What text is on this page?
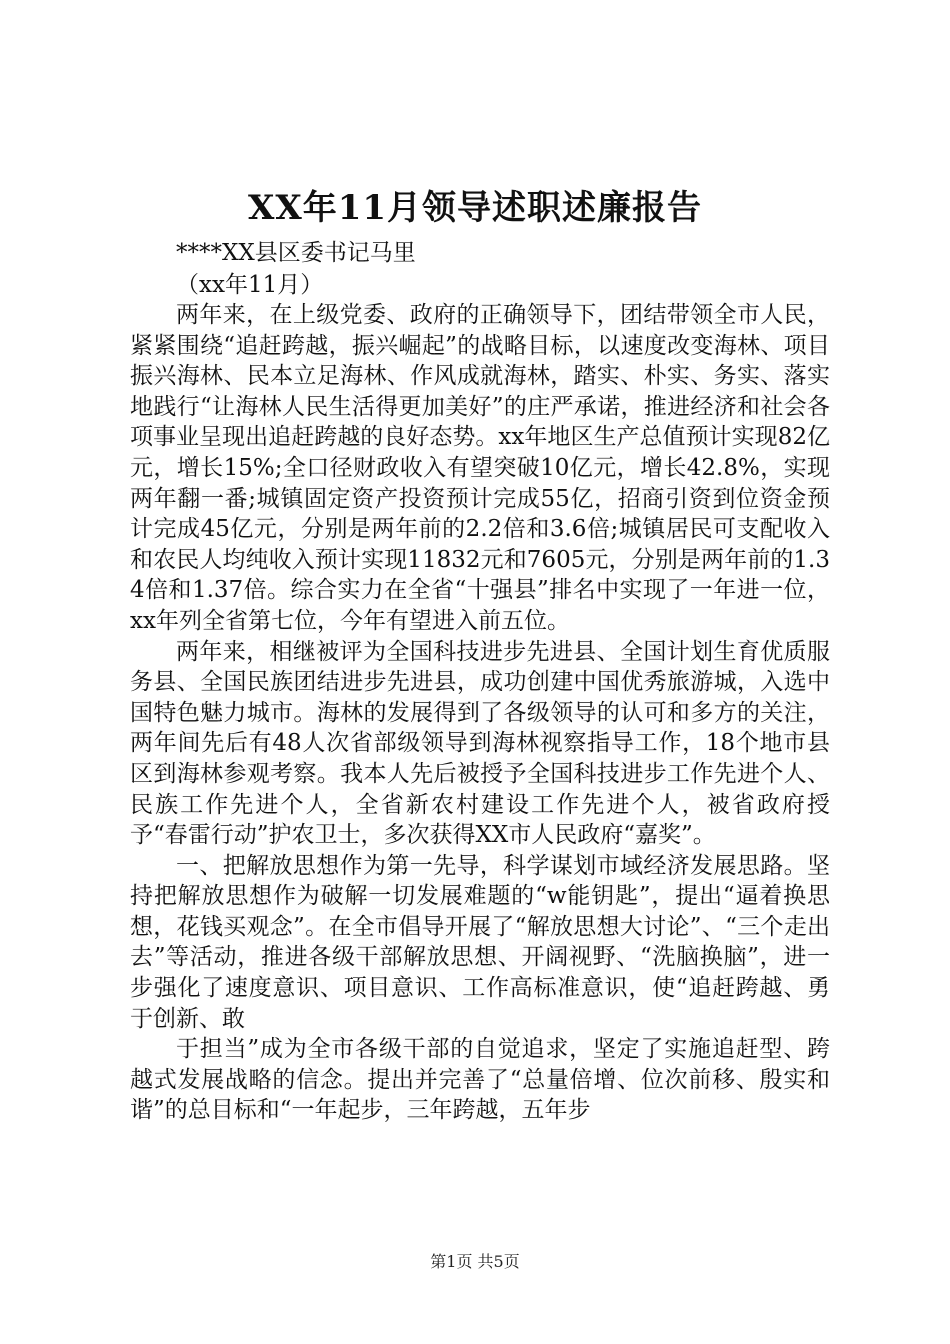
XX年11月领导述职述廉报告
****XX县区委书记马里
（xx年11月）

两年来，在上级党委、政府的正确领导下，团结带领全市人民，紧紧围绕“追赶跨越，振兴崛起”的战略目标，以速度改变海林、项目振兴海林、民本立足海林、作风成就海林，踏实、朴实、务实、落实地践行“让海林人民生活得更加美好”的庄严承诺，推进经济和社会各项事业呈现出追赶跨越的良好态势。xx年地区生产总值预计实现82亿元，增长15%;全口径财政收入有望突破10亿元，增长42.8%，实现两年翻一番;城镇固定资产投资预计完成55亿，招商引资到位资金预计完成45亿元，分别是两年前的2.2倍和3.6倍;城镇居民可支配收入和农民人均纯收入预计实现11832元和7605元，分别是两年前的1.34倍和1.37倍。综合实力在全省“十强县”排名中实现了一年进一位，xx年列全省第七位，今年有望进入前五位。

两年来，相继被评为全国科技进步先进县、全国计划生育优质服务县、全国民族团结进步先进县，成功创建中国优秀旅游城，入选中国特色魅力城市。海林的发展得到了各级领导的认可和多方的关注，两年间先后有48人次省部级领导到海林视察指导工作，18个地市县区到海林参观考察。我本人先后被授予全国科技进步工作先进个人、民族工作先进个人，全省新农村建设工作先进个人，被省政府授予“春雷行动”护农卫士，多次获得XX市人民政府“嘉奖”。

一、把解放思想作为第一先导，科学谋划市域经济发展思路。坚持把解放思想作为破解一切发展难题的“w能钥匙”，提出“逼着换思想，花钱买观念”。在全市倡导开展了“解放思想大讨论”、“三个走出去”等活动，推进各级干部解放思想、开阔视野、“洗脑换脑”，进一步强化了速度意识、项目意识、工作高标准意识，使“追赶跨越、勇于创新、敢

于担当”成为全市各级干部的自觉追求，坚定了实施追赶型、跨越式发展战略的信念。提出并完善了“总量倍增、位次前移、殷实和谐”的总目标和“一年起步，三年跨越，五年步

第1页 共5页
